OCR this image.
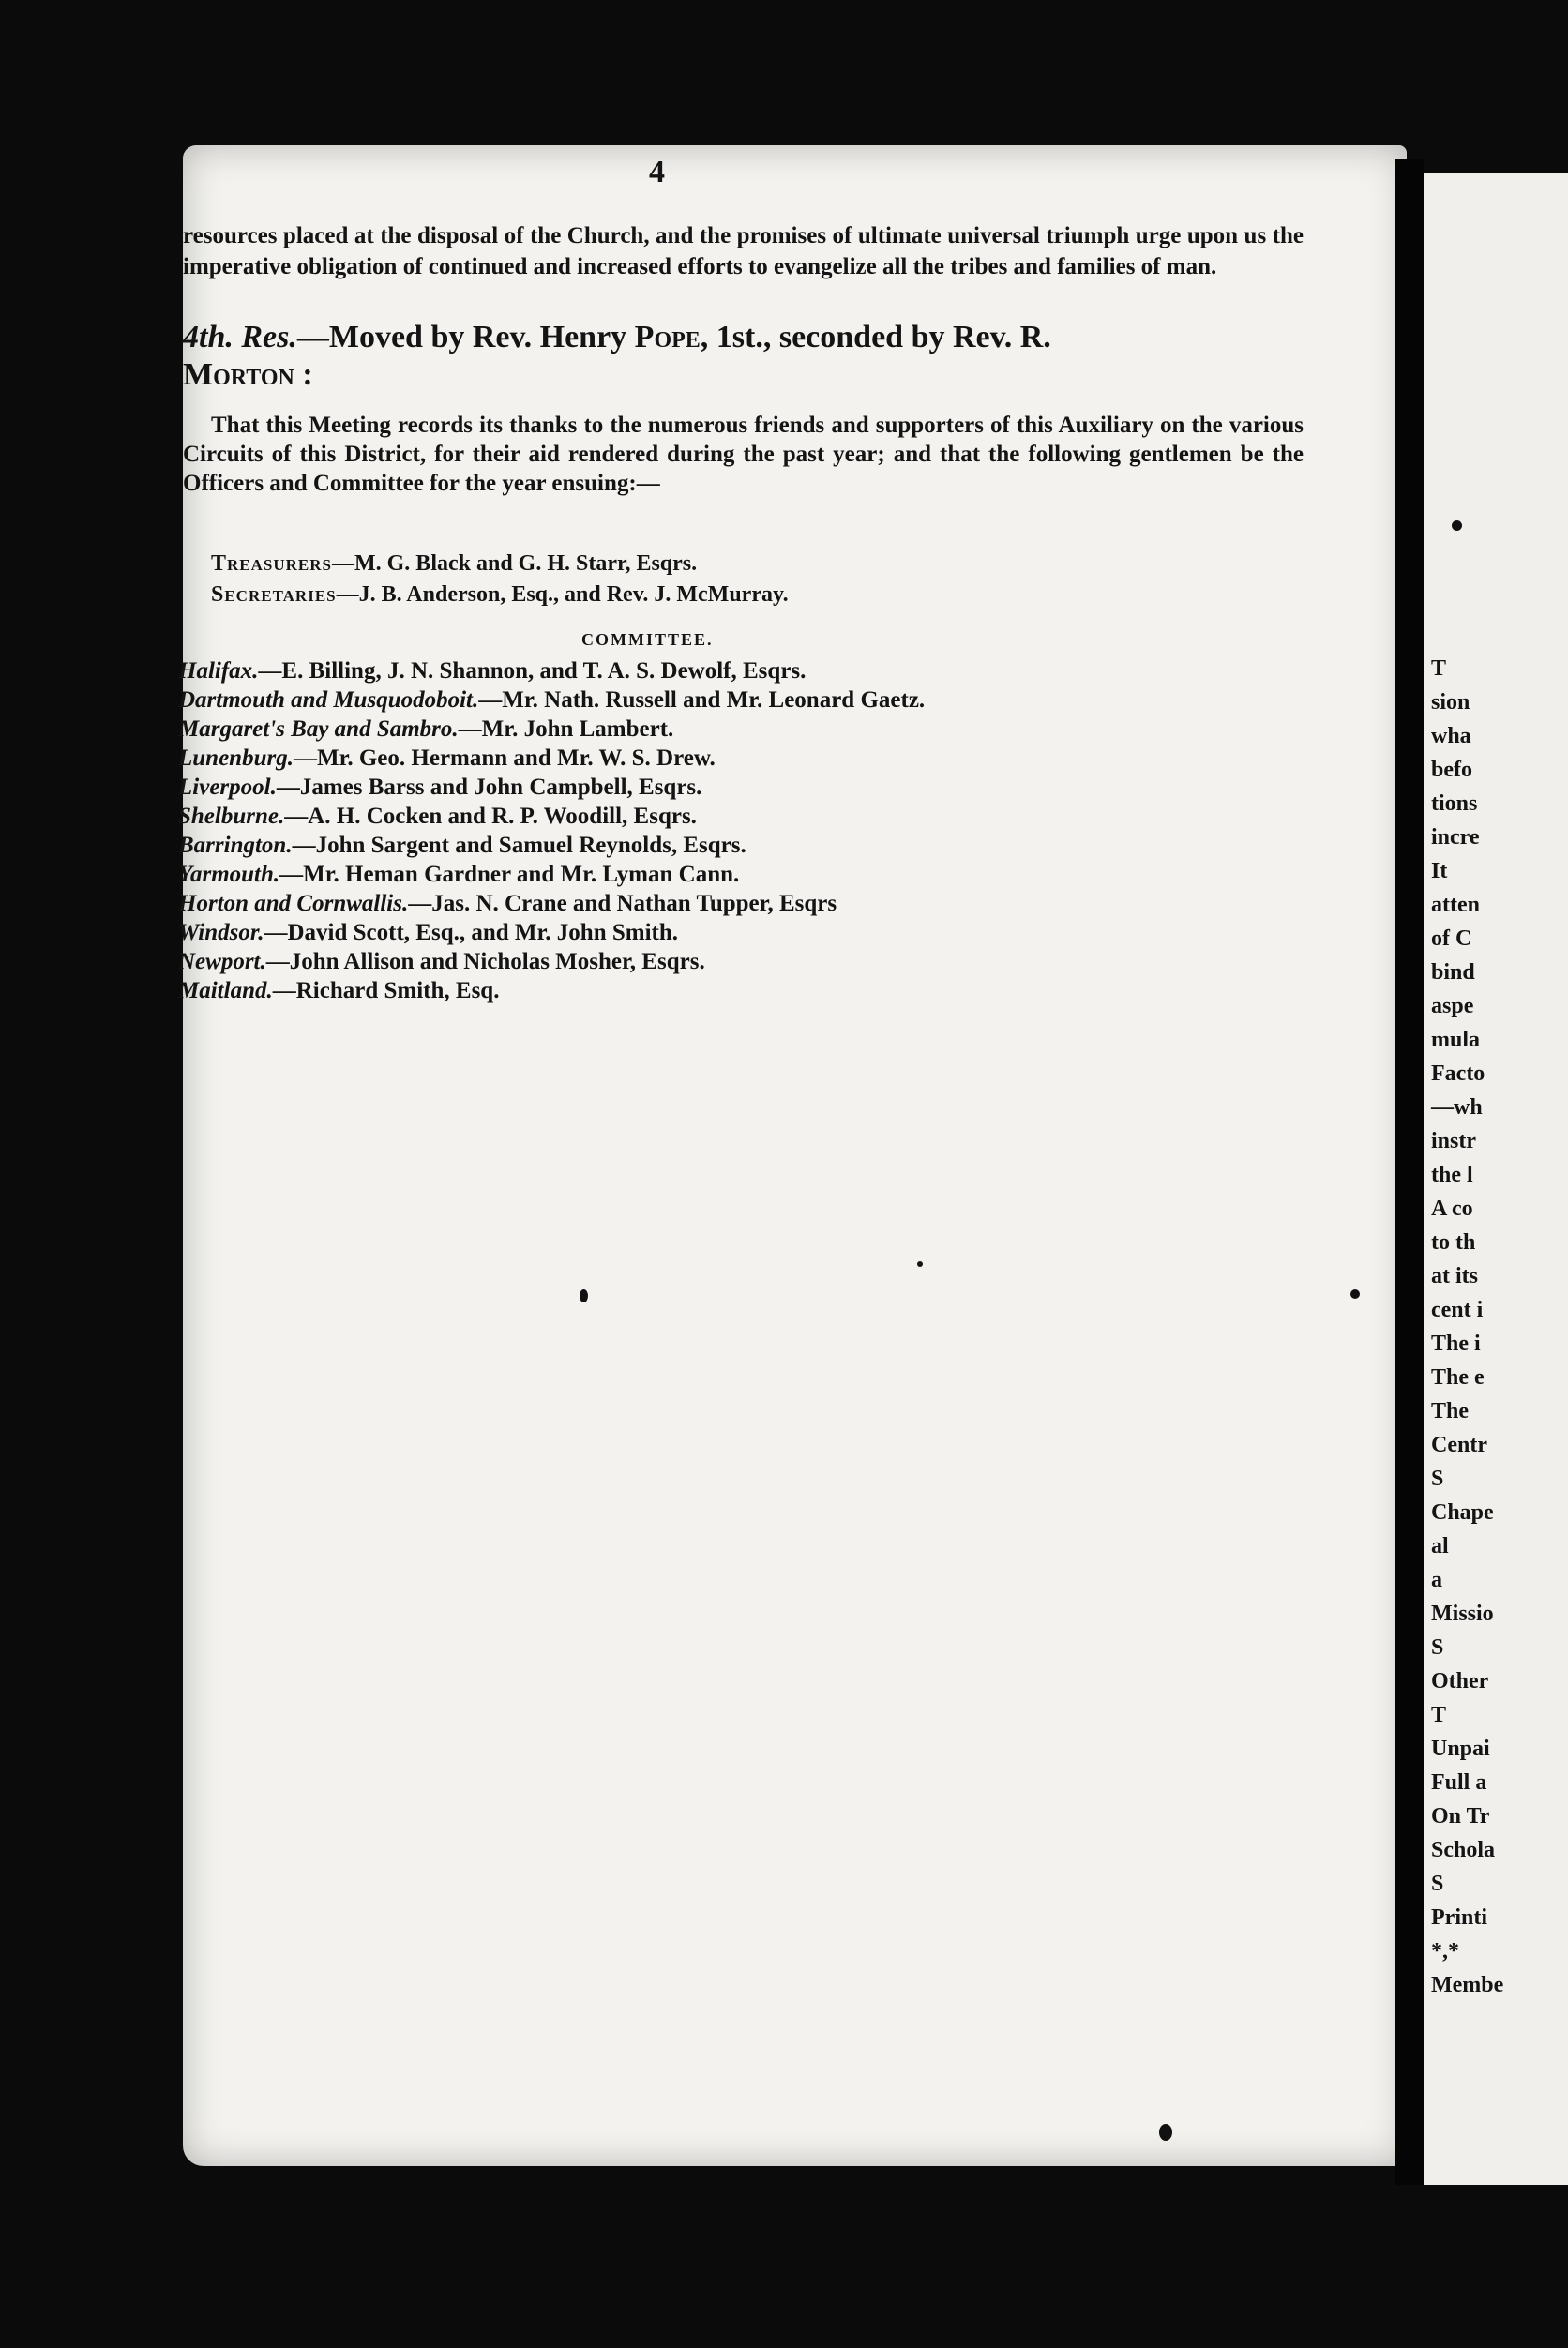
T
sion
wha
befo
tions
incre
It
atten
of C
bind
aspe
mula
Facto
—wh
instr
the l
A co
to th
at its
cent i
The i
The e
The
Centr
S
Chape
al
a
Missio
S
Other
T
Unpai
Full a
On Tr
Schola
S
Printi
*,*
Membe
4
resources placed at the disposal of the Church, and the promises of ultimate universal triumph urge upon us the imperative obligation of continued and increased efforts to evangelize all the tribes and families of man.
4th. Res.—Moved by Rev. Henry Pope, 1st., seconded by Rev. R.
Morton :
That this Meeting records its thanks to the numerous friends and supporters of this Auxiliary on the various Circuits of this District, for their aid rendered during the past year; and that the following gentlemen be the Officers and Committee for the year ensuing:—
Treasurers—M. G. Black and G. H. Starr, Esqrs.
Secretaries—J. B. Anderson, Esq., and Rev. J. McMurray.
COMMITTEE.
Halifax.—E. Billing, J. N. Shannon, and T. A. S. Dewolf, Esqrs.
Dartmouth and Musquodoboit.—Mr. Nath. Russell and Mr. Leonard Gaetz.
Margaret's Bay and Sambro.—Mr. John Lambert.
Lunenburg.—Mr. Geo. Hermann and Mr. W. S. Drew.
Liverpool.—James Barss and John Campbell, Esqrs.
Shelburne.—A. H. Cocken and R. P. Woodill, Esqrs.
Barrington.—John Sargent and Samuel Reynolds, Esqrs.
Yarmouth.—Mr. Heman Gardner and Mr. Lyman Cann.
Horton and Cornwallis.—Jas. N. Crane and Nathan Tupper, Esqrs
Windsor.—David Scott, Esq., and Mr. John Smith.
Newport.—John Allison and Nicholas Mosher, Esqrs.
Maitland.—Richard Smith, Esq.
